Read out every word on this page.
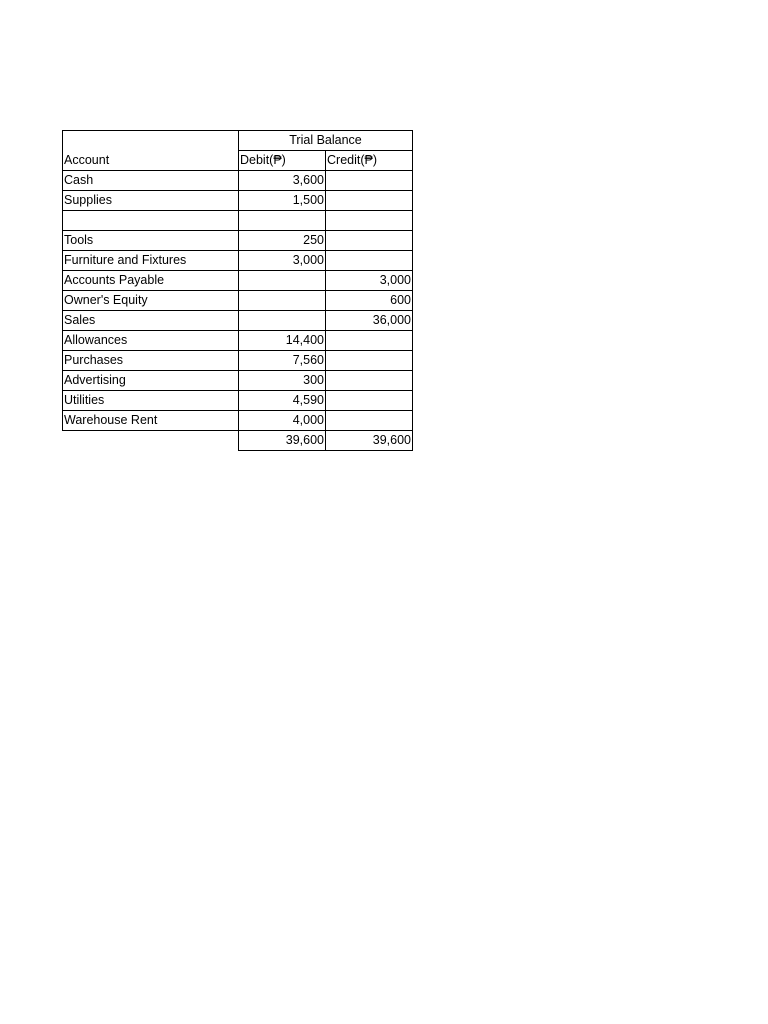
	Trial Balance	
Account	Debit(₱)	Credit(₱)
Cash	3,600	
Supplies	1,500	

Tools	250	
Furniture and Fixtures	3,000	
Accounts Payable		3,000
Owner's Equity		600
Sales		36,000
Allowances	14,400	
Purchases	7,560	
Advertising	300	
Utilities	4,590	
Warehouse Rent	4,000	
	39,600	39,600
